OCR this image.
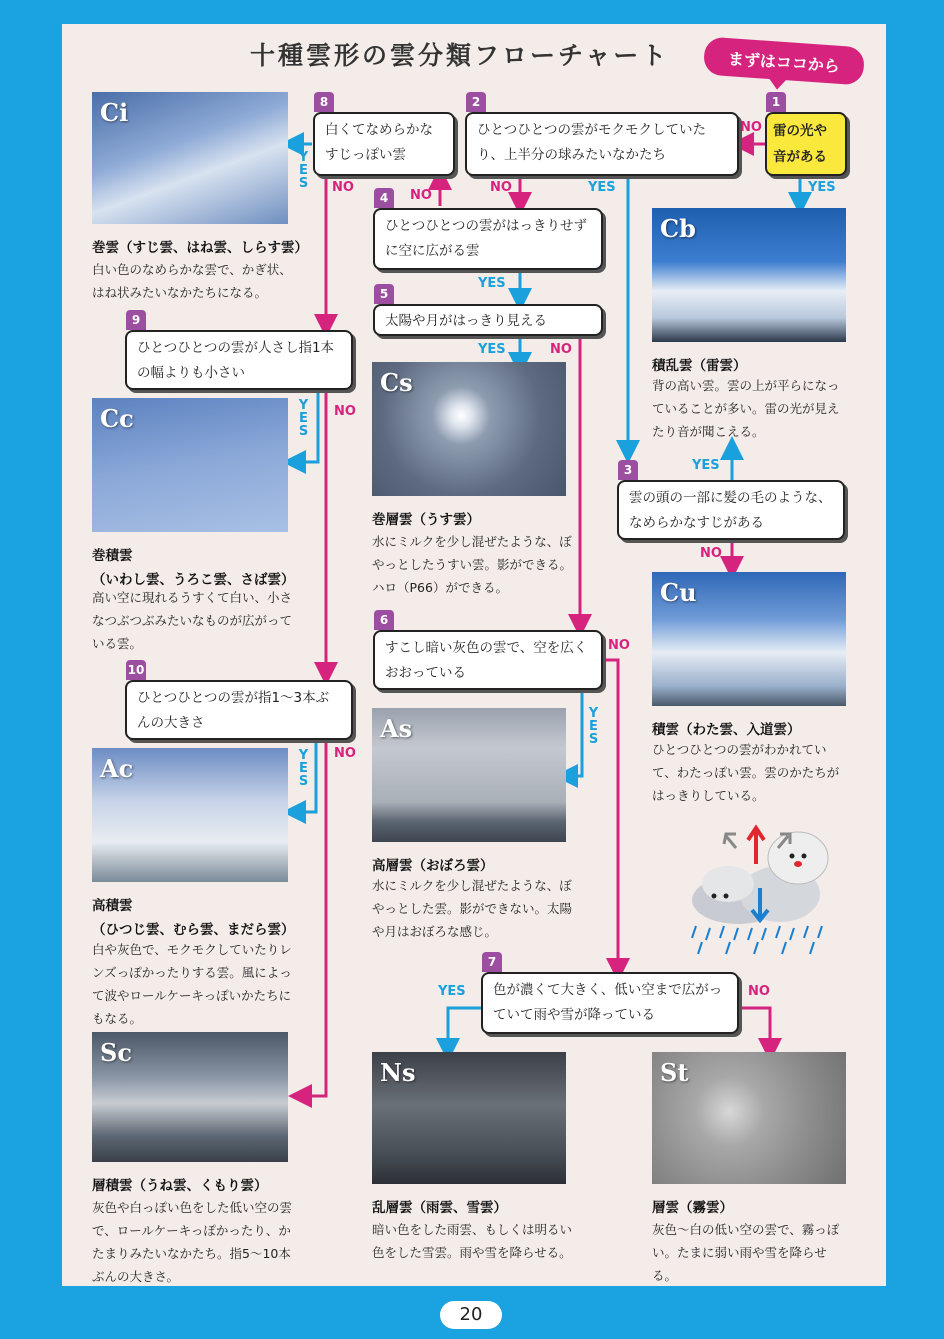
十種雲形の雲分類フローチャート	まずはココから
NO
YES
NO	YES
YES
NO
NO
YES
YES	NO
YES
NO
YES	NO
YES NO
YES NO
YES NO
1
雷の光や音がある
2
ひとつひとつの雲がモクモクしていたり、上半分の球みたいなかたち
3
雲の頭の一部に髪の毛のような、なめらかなすじがある
4
ひとつひとつの雲がはっきりせずに空に広がる雲
5
太陽や月がはっきり見える
6
すこし暗い灰色の雲で、空を広くおおっている
7
色が濃くて大きく、低い空まで広がっていて雨や雪が降っている
8
白くてなめらかなすじっぽい雲
9
ひとつひとつの雲が人さし指1本の幅よりも小さい
10
ひとつひとつの雲が指1〜3本ぶんの大きさ
Ci
巻雲（すじ雲、はね雲、しらす雲）
白い色のなめらかな雲で、かぎ状、はね状みたいなかたちになる。
Cb
積乱雲（雷雲）
背の高い雲。雲の上が平らになっていることが多い。雷の光が見えたり音が聞こえる。
Cc
巻積雲
（いわし雲、うろこ雲、さば雲）
高い空に現れるうすくて白い、小さなつぶつぶみたいなものが広がっている雲。
Cs
巻層雲（うす雲）
水にミルクを少し混ぜたような、ぼやっとしたうすい雲。影ができる。ハロ（P66）ができる。	Cu
積雲（わた雲、入道雲）
ひとつひとつの雲がわかれていて、わたっぽい雲。雲のかたちがはっきりしている。
As
高層雲（おぼろ雲）
水にミルクを少し混ぜたような、ぼやっとした雲。影ができない。太陽や月はおぼろな感じ。
Ac
高積雲
（ひつじ雲、むら雲、まだら雲）
白や灰色で、モクモクしていたりレンズっぽかったりする雲。風によって波やロールケーキっぽいかたちにもなる。
Sc
層積雲（うね雲、くもり雲）
灰色や白っぽい色をした低い空の雲で、ロールケーキっぽかったり、かたまりみたいなかたち。指5〜10本ぶんの大きさ。
Ns
乱層雲（雨雲、雪雲）
暗い色をした雨雲、もしくは明るい色をした雪雲。雨や雪を降らせる。
St
層雲（霧雲）
灰色〜白の低い空の雲で、霧っぽい。たまに弱い雨や雪を降らせる。
20
